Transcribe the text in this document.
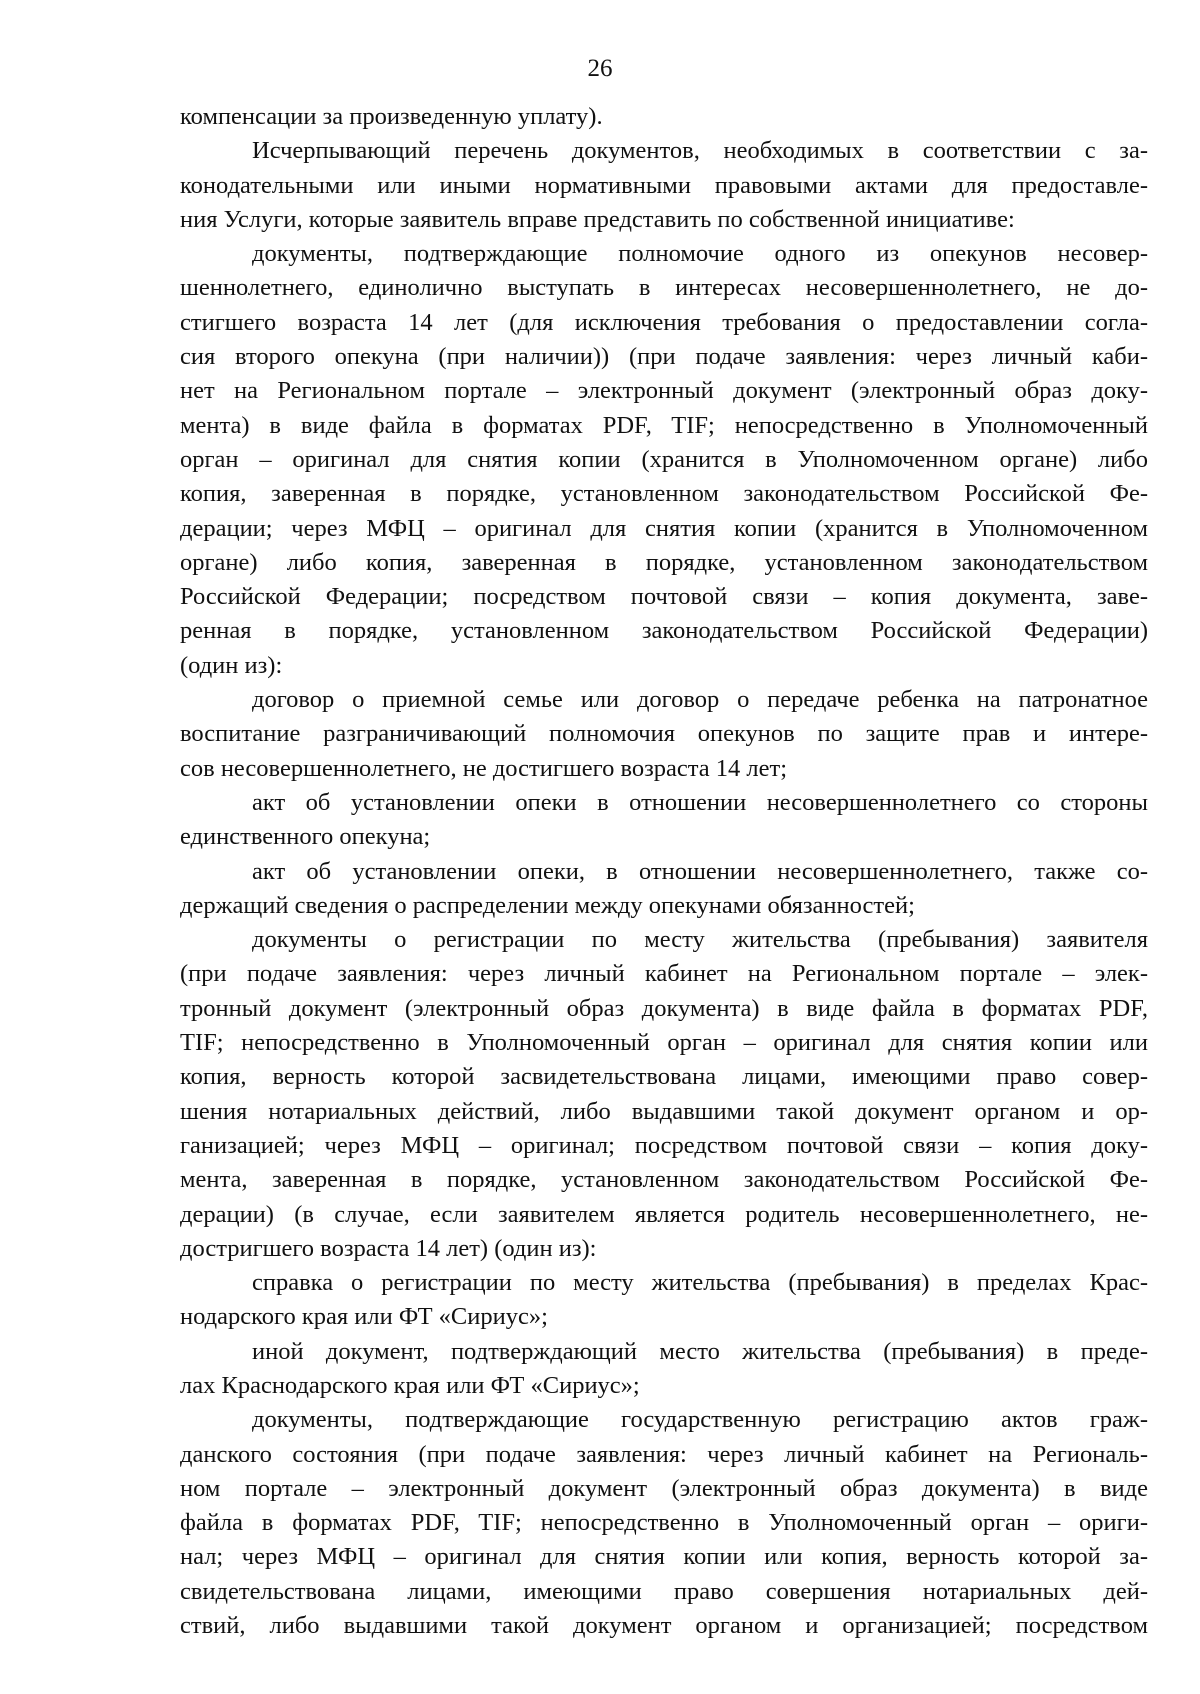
26
компенсации за произведенную уплату).
Исчерпывающий перечень документов, необходимых в соответствии с за-
конодательными или иными нормативными правовыми актами для предоставле-
ния Услуги, которые заявитель вправе представить по собственной инициативе:
документы, подтверждающие полномочие одного из опекунов несовер-
шеннолетнего, единолично выступать в интересах несовершеннолетнего, не до-
стигшего возраста 14 лет (для исключения требования о предоставлении согла-
сия второго опекуна (при наличии)) (при подаче заявления: через личный каби-
нет на Региональном портале – электронный документ (электронный образ доку-
мента) в виде файла в форматах PDF, TIF; непосредственно в Уполномоченный
орган – оригинал для снятия копии (хранится в Уполномоченном органе) либо
копия, заверенная в порядке, установленном законодательством Российской Фе-
дерации; через МФЦ – оригинал для снятия копии (хранится в Уполномоченном
органе) либо копия, заверенная в порядке, установленном законодательством
Российской Федерации; посредством почтовой связи – копия документа, заве-
ренная в порядке, установленном законодательством Российской Федерации)
(один из):
договор о приемной семье или договор о передаче ребенка на патронатное
воспитание разграничивающий полномочия опекунов по защите прав и интере-
сов несовершеннолетнего, не достигшего возраста 14 лет;
акт об установлении опеки в отношении несовершеннолетнего со стороны
единственного опекуна;
акт об установлении опеки, в отношении несовершеннолетнего, также со-
держащий сведения о распределении между опекунами обязанностей;
документы о регистрации по месту жительства (пребывания) заявителя
(при подаче заявления: через личный кабинет на Региональном портале – элек-
тронный документ (электронный образ документа) в виде файла в форматах PDF,
TIF; непосредственно в Уполномоченный орган – оригинал для снятия копии или
копия, верность которой засвидетельствована лицами, имеющими право совер-
шения нотариальных действий, либо выдавшими такой документ органом и ор-
ганизацией; через МФЦ – оригинал; посредством почтовой связи – копия доку-
мента, заверенная в порядке, установленном законодательством Российской Фе-
дерации) (в случае, если заявителем является родитель несовершеннолетнего, не-
достригшего возраста 14 лет) (один из):
справка о регистрации по месту жительства (пребывания) в пределах Крас-
нодарского края или ФТ «Сириус»;
иной документ, подтверждающий место жительства (пребывания) в преде-
лах Краснодарского края или ФТ «Сириус»;
документы, подтверждающие государственную регистрацию актов граж-
данского состояния (при подаче заявления: через личный кабинет на Региональ-
ном портале – электронный документ (электронный образ документа) в виде
файла в форматах PDF, TIF; непосредственно в Уполномоченный орган – ориги-
нал; через МФЦ – оригинал для снятия копии или копия, верность которой за-
свидетельствована лицами, имеющими право совершения нотариальных дей-
ствий, либо выдавшими такой документ органом и организацией; посредством
